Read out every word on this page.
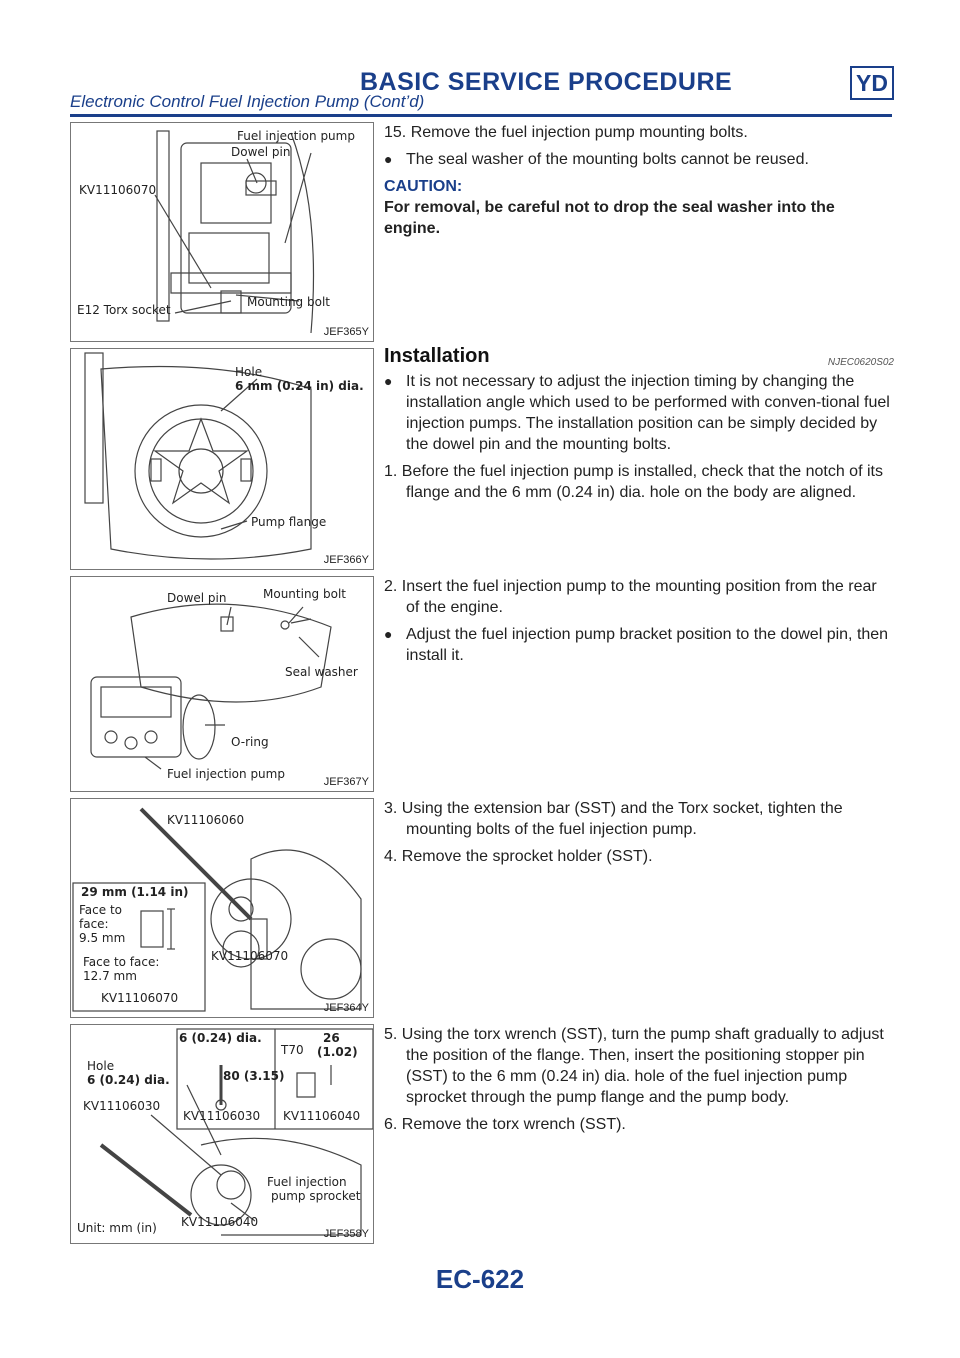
BASIC SERVICE PROCEDURE	YD
Electronic Control Fuel Injection Pump (Cont’d)
Fuel injection pump
Dowel pin
KV11106070
Mounting bolt
E12 Torx socket
JEF365Y
Hole
6 mm (0.24 in) dia.
Pump flange
JEF366Y
Dowel pin	Mounting bolt
Seal washer
O-ring
Fuel injection pump
JEF367Y
KV11106060
29 mm (1.14 in)
Face to
face:
9.5 mm
Face to face:
12.7 mm
KV11106070
KV11106070
JEF364Y
Hole
6 (0.24) dia.
6 (0.24) dia.
80 (3.15)
T70
26
(1.02)
KV11106030
KV11106030 KV11106040
Fuel injection
pump sprocket
KV11106040
Unit: mm (in)	JEF358Y

15. Remove the fuel injection pump mounting bolts.

● The seal washer of the mounting bolts cannot be reused.

CAUTION:

For removal, be careful not to drop the seal washer into the engine.

Installation	NJEC0620S02

● It is not necessary to adjust the injection timing by changing the installation angle which used to be performed with conven-tional fuel injection pumps. The installation position can be simply decided by the dowel pin and the mounting bolts.

1. Before the fuel injection pump is installed, check that the notch of its flange and the 6 mm (0.24 in) dia. hole on the body are aligned.

2. Insert the fuel injection pump to the mounting position from the rear of the engine.

● Adjust the fuel injection pump bracket position to the dowel pin, then install it.

3. Using the extension bar (SST) and the Torx socket, tighten the mounting bolts of the fuel injection pump.

4. Remove the sprocket holder (SST).

5. Using the torx wrench (SST), turn the pump shaft gradually to adjust the position of the flange. Then, insert the positioning stopper pin (SST) to the 6 mm (0.24 in) dia. hole of the fuel injection pump sprocket through the pump flange and the pump body.

6. Remove the torx wrench (SST).

EC-622
